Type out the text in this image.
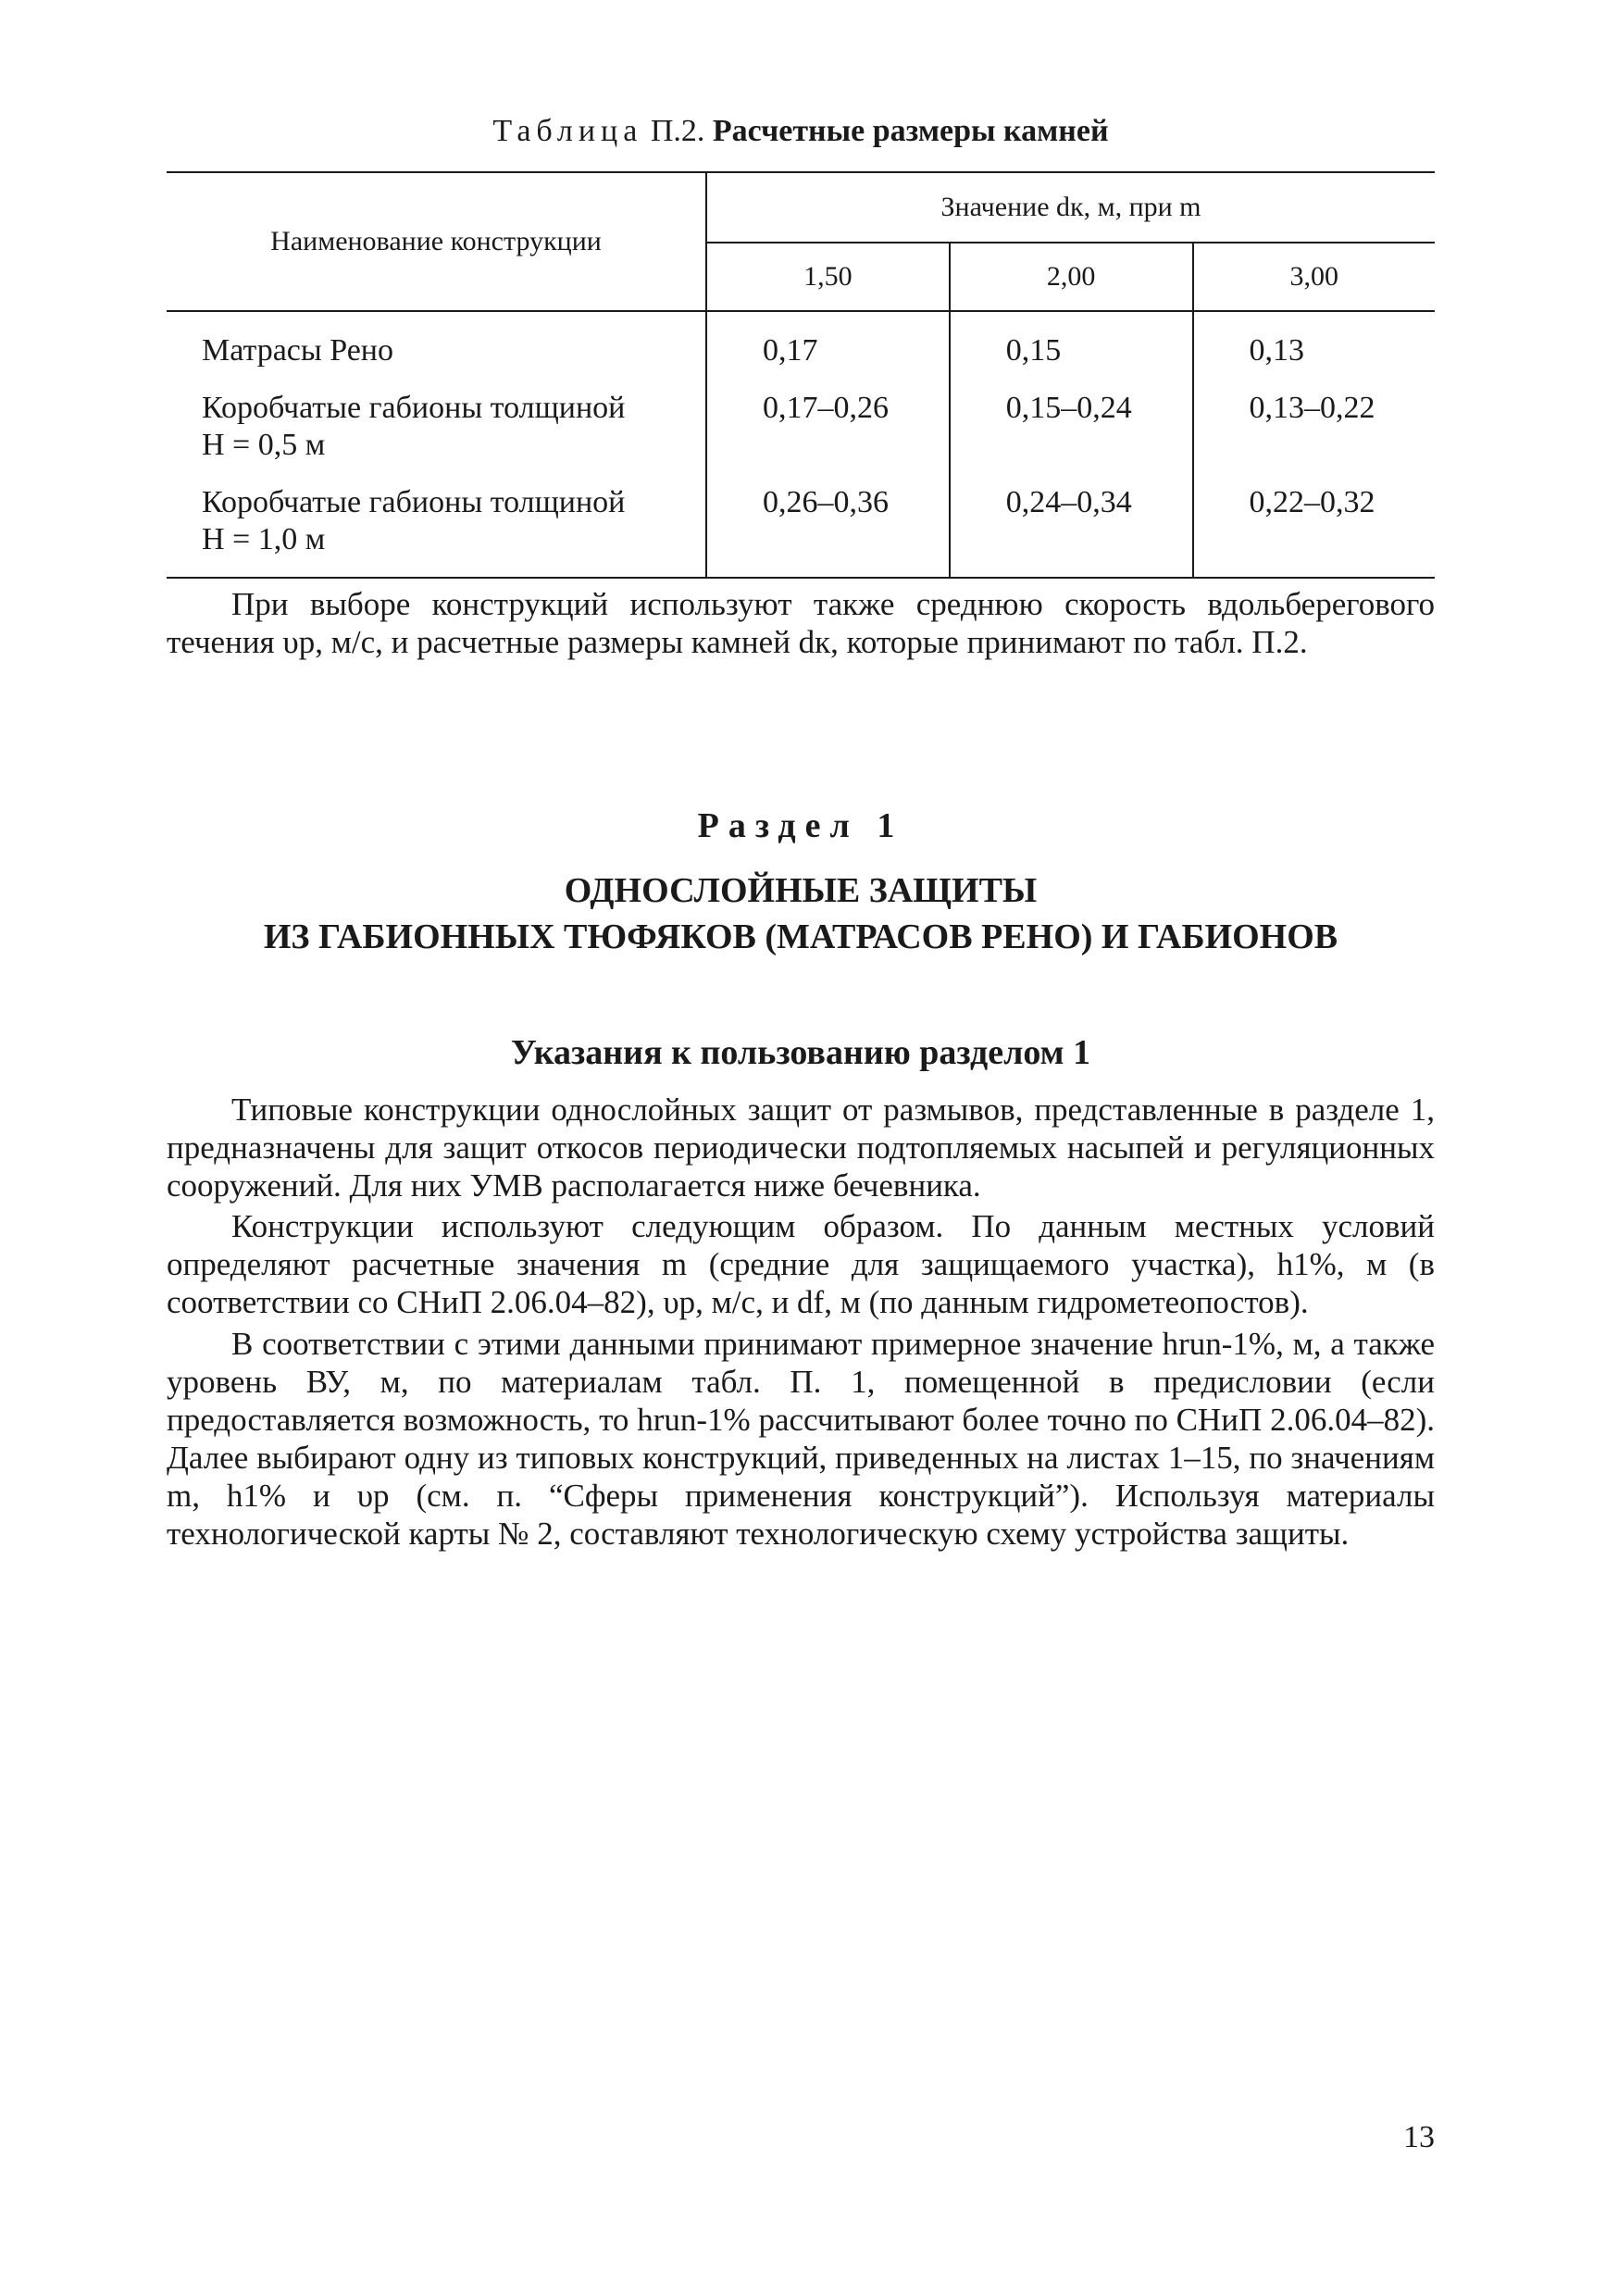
Таблица П.2. Расчетные размеры камней
Наименование конструкции	Значение dк, м, при m		
	1,50	2,00	3,00

Матрасы Рено	0,17	0,15	0,13

Коробчатые габионы толщиной
H = 0,5 м	0,17–0,26	0,15–0,24	0,13–0,22

Коробчатые габионы толщиной
H = 1,0 м	0,26–0,36	0,24–0,34	0,22–0,32

При выборе конструкций используют также среднюю скорость вдольберегового течения υр, м/с, и расчетные размеры камней dк, которые принимают по табл. П.2.

Раздел 1
ОДНОСЛОЙНЫЕ ЗАЩИТЫ
ИЗ ГАБИОННЫХ ТЮФЯКОВ (МАТРАСОВ РЕНО) И ГАБИОНОВ
Указания к пользованию разделом 1

Типовые конструкции однослойных защит от размывов, представленные в разделе 1, предназначены для защит откосов периодически подтопляемых насыпей и регуляционных сооружений. Для них УМВ располагается ниже бечевника.

Конструкции используют следующим образом. По данным местных условий определяют расчетные значения m (средние для защищаемого участка), h1%, м (в соответствии со СНиП 2.06.04–82), υр, м/с, и df, м (по данным гидрометеопостов).

В соответствии с этими данными принимают примерное значение hrun-1%, м, а также уровень ВУ, м, по материалам табл. П. 1, помещенной в предисловии (если предоставляется возможность, то hrun-1% рассчитывают более точно по СНиП 2.06.04–82). Далее выбирают одну из типовых конструкций, приведенных на листах 1–15, по значениям m, h1% и υр (см. п. “Сферы применения конструкций”). Используя материалы технологической карты № 2, составляют технологическую схему устройства защиты.

13
